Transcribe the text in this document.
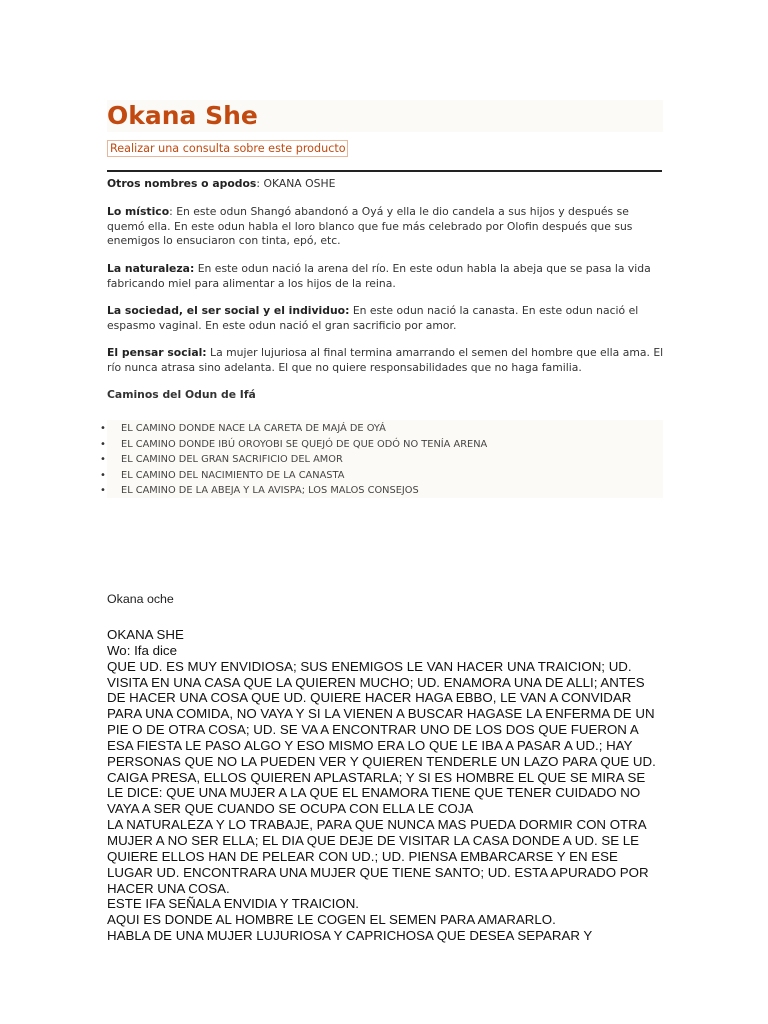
Okana She
Realizar una consulta sobre este producto

Otros nombres o apodos: OKANA OSHE

Lo místico: En este odun Shangó abandonó a Oyá y ella le dio candela a sus hijos y después se quemó ella. En este odun habla el loro blanco que fue más celebrado por Olofin después que sus enemigos lo ensuciaron con tinta, epó, etc.

La naturaleza: En este odun nació la arena del río. En este odun habla la abeja que se pasa la vida fabricando miel para alimentar a los hijos de la reina.

La sociedad, el ser social y el individuo: En este odun nació la canasta. En este odun nació el espasmo vaginal. En este odun nació el gran sacrificio por amor.

El pensar social: La mujer lujuriosa al final termina amarrando el semen del hombre que ella ama. El río nunca atrasa sino adelanta. El que no quiere responsabilidades que no haga familia.

Caminos del Odun de Ifá
• EL CAMINO DONDE NACE LA CARETA DE MAJÁ DE OYÁ
• EL CAMINO DONDE IBÚ OROYOBI SE QUEJÓ DE QUE ODÓ NO TENÍA ARENA
• EL CAMINO DEL GRAN SACRIFICIO DEL AMOR
• EL CAMINO DEL NACIMIENTO DE LA CANASTA
• EL CAMINO DE LA ABEJA Y LA AVISPA; LOS MALOS CONSEJOS

Okana oche

OKANA SHE
Wo: Ifa dice
QUE UD. ES MUY ENVIDIOSA; SUS ENEMIGOS LE VAN HACER UNA TRAICION; UD.
VISITA EN UNA CASA QUE LA QUIEREN MUCHO; UD. ENAMORA UNA DE ALLI; ANTES
DE HACER UNA COSA QUE UD. QUIERE HACER HAGA EBBO, LE VAN A CONVIDAR
PARA UNA COMIDA, NO VAYA Y SI LA VIENEN A BUSCAR HAGASE LA ENFERMA DE UN
PIE O DE OTRA COSA; UD. SE VA A ENCONTRAR UNO DE LOS DOS QUE FUERON A
ESA FIESTA LE PASO ALGO Y ESO MISMO ERA LO QUE LE IBA A PASAR A UD.; HAY
PERSONAS QUE NO LA PUEDEN VER Y QUIEREN TENDERLE UN LAZO PARA QUE UD.
CAIGA PRESA, ELLOS QUIEREN APLASTARLA; Y SI ES HOMBRE EL QUE SE MIRA SE
LE DICE: QUE UNA MUJER A LA QUE EL ENAMORA TIENE QUE TENER CUIDADO NO
VAYA A SER QUE CUANDO SE OCUPA CON ELLA LE COJA
LA NATURALEZA Y LO TRABAJE, PARA QUE NUNCA MAS PUEDA DORMIR CON OTRA
MUJER A NO SER ELLA; EL DIA QUE DEJE DE VISITAR LA CASA DONDE A UD. SE LE
QUIERE ELLOS HAN DE PELEAR CON UD.; UD. PIENSA EMBARCARSE Y EN ESE
LUGAR UD. ENCONTRARA UNA MUJER QUE TIENE SANTO; UD. ESTA APURADO POR
HACER UNA COSA.
ESTE IFA SEÑALA ENVIDIA Y TRAICION.
AQUI ES DONDE AL HOMBRE LE COGEN EL SEMEN PARA AMARARLO.
HABLA DE UNA MUJER LUJURIOSA Y CAPRICHOSA QUE DESEA SEPARAR Y
